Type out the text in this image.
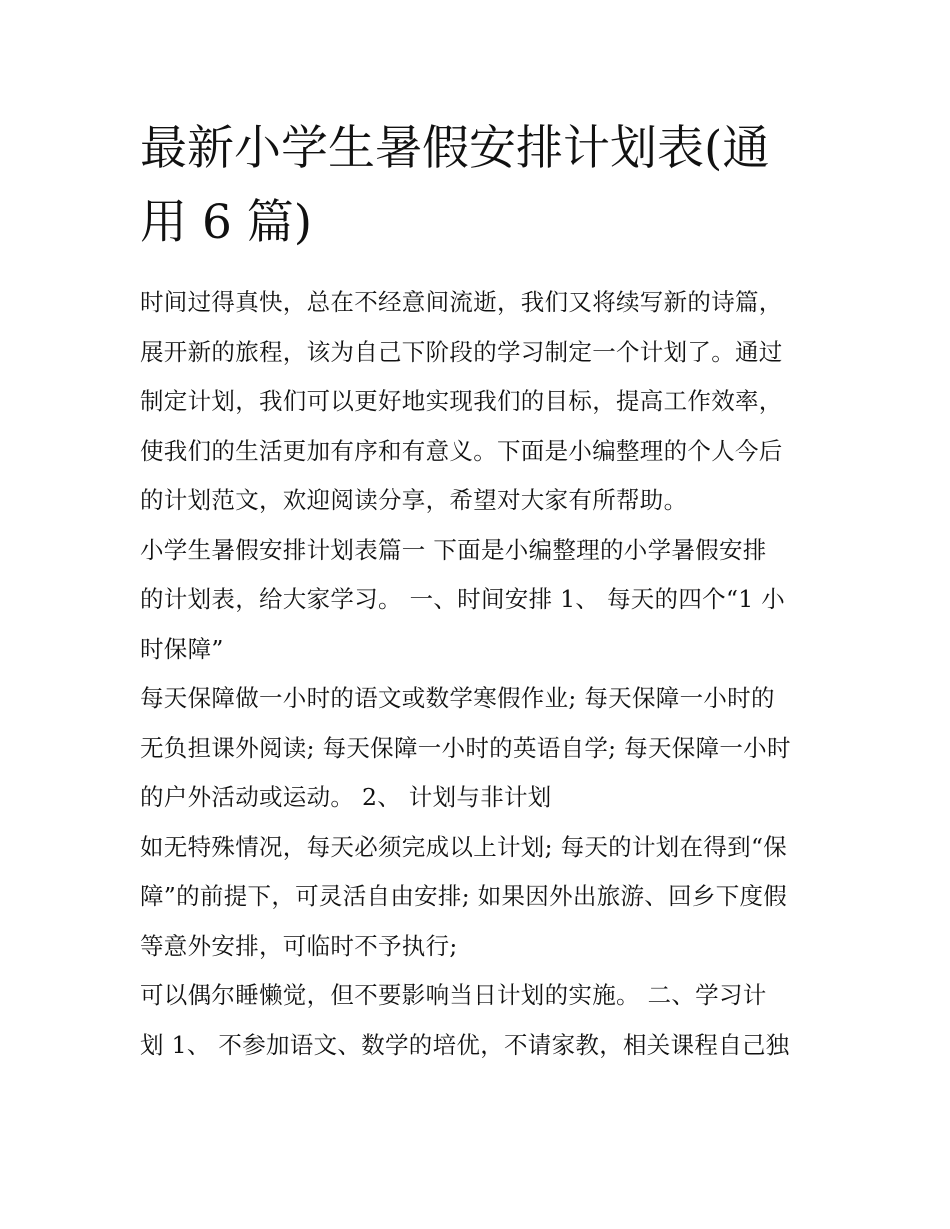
最新小学生暑假安排计划表(通
用 6 篇)
时间过得真快，总在不经意间流逝，我们又将续写新的诗篇，
展开新的旅程，该为自己下阶段的学习制定一个计划了。通过
制定计划，我们可以更好地实现我们的目标，提高工作效率，
使我们的生活更加有序和有意义。下面是小编整理的个人今后
的计划范文，欢迎阅读分享，希望对大家有所帮助。
小学生暑假安排计划表篇一 下面是小编整理的小学暑假安排
的计划表，给大家学习。 一、时间安排 1、 每天的四个“1 小
时保障”
每天保障做一小时的语文或数学寒假作业; 每天保障一小时的
无负担课外阅读; 每天保障一小时的英语自学; 每天保障一小时
的户外活动或运动。 2、 计划与非计划
如无特殊情况，每天必须完成以上计划; 每天的计划在得到“保
障”的前提下，可灵活自由安排; 如果因外出旅游、回乡下度假
等意外安排，可临时不予执行;
可以偶尔睡懒觉，但不要影响当日计划的实施。 二、学习计
划 1、 不参加语文、数学的培优，不请家教，相关课程自己独
